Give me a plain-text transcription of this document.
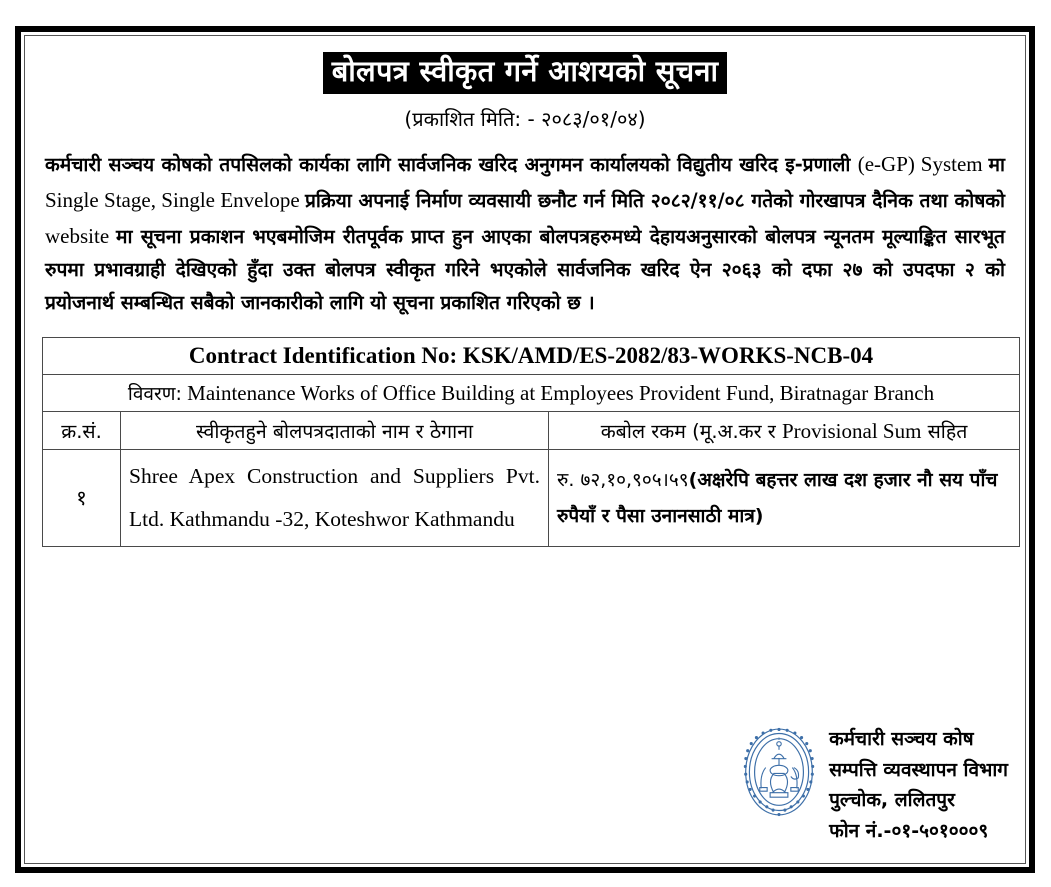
बोलपत्र स्वीकृत गर्ने आशयको सूचना
(प्रकाशित मिति: - २०८३/०१/०४)
कर्मचारी सञ्चय कोषको तपसिलको कार्यका लागि सार्वजनिक खरिद अनुगमन कार्यालयको विद्युतीय खरिद इ-प्रणाली (e-GP) System मा Single Stage, Single Envelope प्रक्रिया अपनाई निर्माण व्यवसायी छनौट गर्न मिति २०८२/११/०८ गतेको गोरखापत्र दैनिक तथा कोषको website मा सूचना प्रकाशन भएबमोजिम रीतपूर्वक प्राप्त हुन आएका बोलपत्रहरुमध्ये देहायअनुसारको बोलपत्र न्यूनतम मूल्याङ्कित सारभूत रुपमा प्रभावग्राही देखिएको हुँदा उक्त बोलपत्र स्वीकृत गरिने भएकोले सार्वजनिक खरिद ऐन २०६३ को दफा २७ को उपदफा २ को प्रयोजनार्थ सम्बन्धित सबैको जानकारीको लागि यो सूचना प्रकाशित गरिएको छ ।
Contract Identification No: KSK/AMD/ES-2082/83-WORKS-NCB-04		
विवरण: Maintenance Works of Office Building at Employees Provident Fund, Biratnagar Branch		
क्र.सं.	स्वीकृतहुने बोलपत्रदाताको नाम र ठेगाना	कबोल रकम (मू.अ.कर र Provisional Sum सहित
१	Shree Apex Construction and Suppliers Pvt. Ltd. Kathmandu -32, Koteshwor Kathmandu	रु. ७२,१०,९०५।५९(अक्षरेपि बहत्तर लाख दश हजार नौ सय पाँच रुपैयाँ र पैसा उनानसाठी मात्र)
ठ	कर्मचारी सञ्चय कोष
सम्पत्ति व्यवस्थापन विभाग
पुल्चोक, ललितपुर
फोन नं.-०१-५०१०००९
